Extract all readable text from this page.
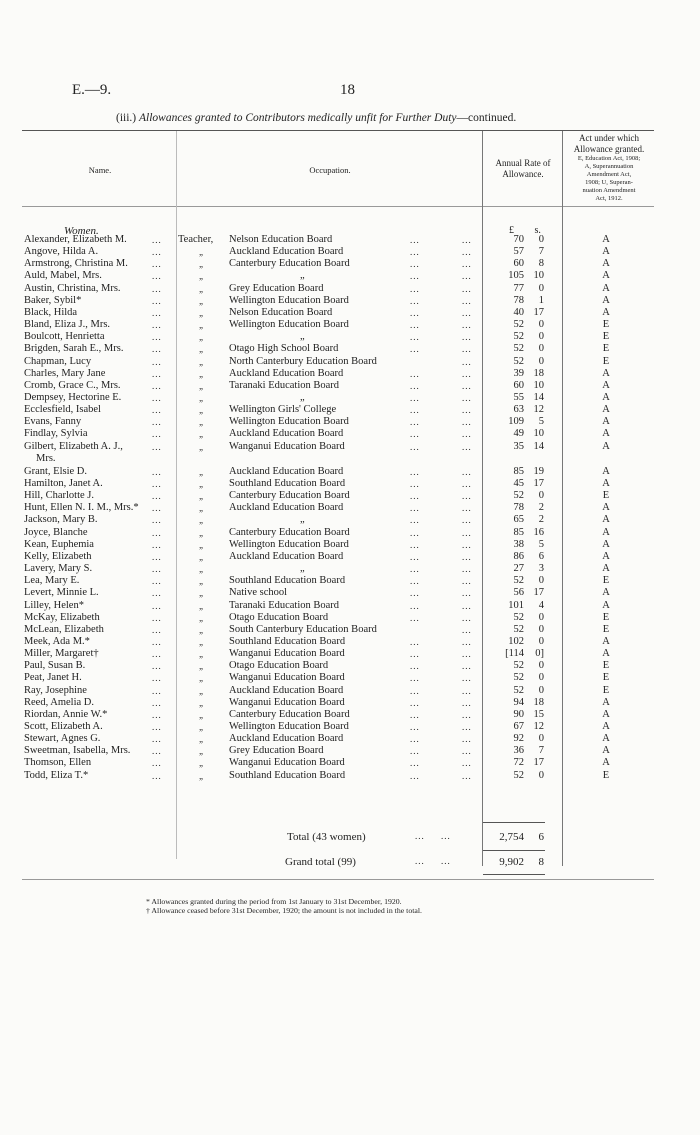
E.—9.	18
(iii.) Allowances granted to Contributors medically unfit for Further Duty—continued.
Name.	Occupation.
Annual Rate of
Allowance.
Act under which
Allowance granted.
E, Education Act, 1908;
A, Superannuation
Amendment Act,
1908; U, Superan-
nuation Amendment
Act, 1912.
Women.	£ s.
Alexander, Elizabeth M.	...	Teacher, Nelson Education Board	...	...	70	0	A
Angove, Hilda A.	...	„ Auckland Education Board	...	...	57	7	A
Armstrong, Christina M.	...	„ Canterbury Education Board	...	...	60	8	A
Auld, Mabel, Mrs.	...	„	„	...	...	105 10	A
Austin, Christina, Mrs.	...	„ Grey Education Board	...	...	77	0	A
Baker, Sybil*	...	„ Wellington Education Board	...	...	78	1	A
Black, Hilda	...	„ Nelson Education Board	...	...	40 17	A
Bland, Eliza J., Mrs.	...	„ Wellington Education Board	...	...	52	0	E
Boulcott, Henrietta	...	„	„	...	...	52	0	E
Brigden, Sarah E., Mrs.	...	„ Otago High School Board	...	...	52	0	E
Chapman, Lucy	...	„ North Canterbury Education Board	...	52	0	E
Charles, Mary Jane	...	„ Auckland Education Board	...	...	39 18	A
Cromb, Grace C., Mrs.	...	„ Taranaki Education Board	...	...	60 10	A
Dempsey, Hectorine E.	...	„	„	...	...	55 14	A
Ecclesfield, Isabel	...	„ Wellington Girls' College	...	...	63 12	A
Evans, Fanny	...	„ Wellington Education Board	...	...	109	5	A
Findlay, Sylvia	...	„ Auckland Education Board	...	...	49 10	A
Gilbert, Elizabeth A. J.,	...	„ Wanganui Education Board	...	...	35 14	A
Mrs.
Grant, Elsie D.	...	„ Auckland Education Board	...	...	85 19	A
Hamilton, Janet A.	...	„ Southland Education Board	...	...	45 17	A
Hill, Charlotte J.	...	„ Canterbury Education Board	...	...	52	0	E
Hunt, Ellen N. I. M., Mrs.*	...	„ Auckland Education Board	...	...	78	2	A
Jackson, Mary B.	...	„	„	...	...	65	2	A
Joyce, Blanche	...	„ Canterbury Education Board	...	...	85 16	A
Kean, Euphemia	...	„ Wellington Education Board	...	...	38	5	A
Kelly, Elizabeth	...	„ Auckland Education Board	...	...	86	6	A
Lavery, Mary S.	...	„	„	...	...	27	3	A
Lea, Mary E.	...	„ Southland Education Board	...	...	52	0	E
Levert, Minnie L.	...	„ Native school	...	...	56 17	A
Lilley, Helen*	...	„ Taranaki Education Board	...	...	101	4	A
McKay, Elizabeth	...	„ Otago Education Board	...	...	52	0	E
McLean, Elizabeth	...	„ South Canterbury Education Board	...	52	0	E
Meek, Ada M.*	...	„ Southland Education Board	...	...	102	0	A
Miller, Margaret†	...	„ Wanganui Education Board	...	...	[114	0]	A
Paul, Susan B.	...	„ Otago Education Board	...	...	52	0	E
Peat, Janet H.	...	„ Wanganui Education Board	...	...	52	0	E
Ray, Josephine	...	„ Auckland Education Board	...	...	52	0	E
Reed, Amelia D.	...	„ Wanganui Education Board	...	...	94 18	A
Riordan, Annie W.*	...	„ Canterbury Education Board	...	...	90 15	A
Scott, Elizabeth A.	...	„ Wellington Education Board	...	...	67 12	A
Stewart, Agnes G.	...	„ Auckland Education Board	...	...	92	0	A
Sweetman, Isabella, Mrs.	...	„ Grey Education Board	...	...	36	7	A
Thomson, Ellen	...	„ Wanganui Education Board	...	...	72 17	A
Todd, Eliza T.*	...	„ Southland Education Board	...	...	52	0	E
Total (43 women)	...     ...	2,754	6
Grand total (99)	...     ...	9,902	8
* Allowances granted during the period from 1st January to 31st December, 1920.
† Allowance ceased before 31st December, 1920; the amount is not included in the total.
